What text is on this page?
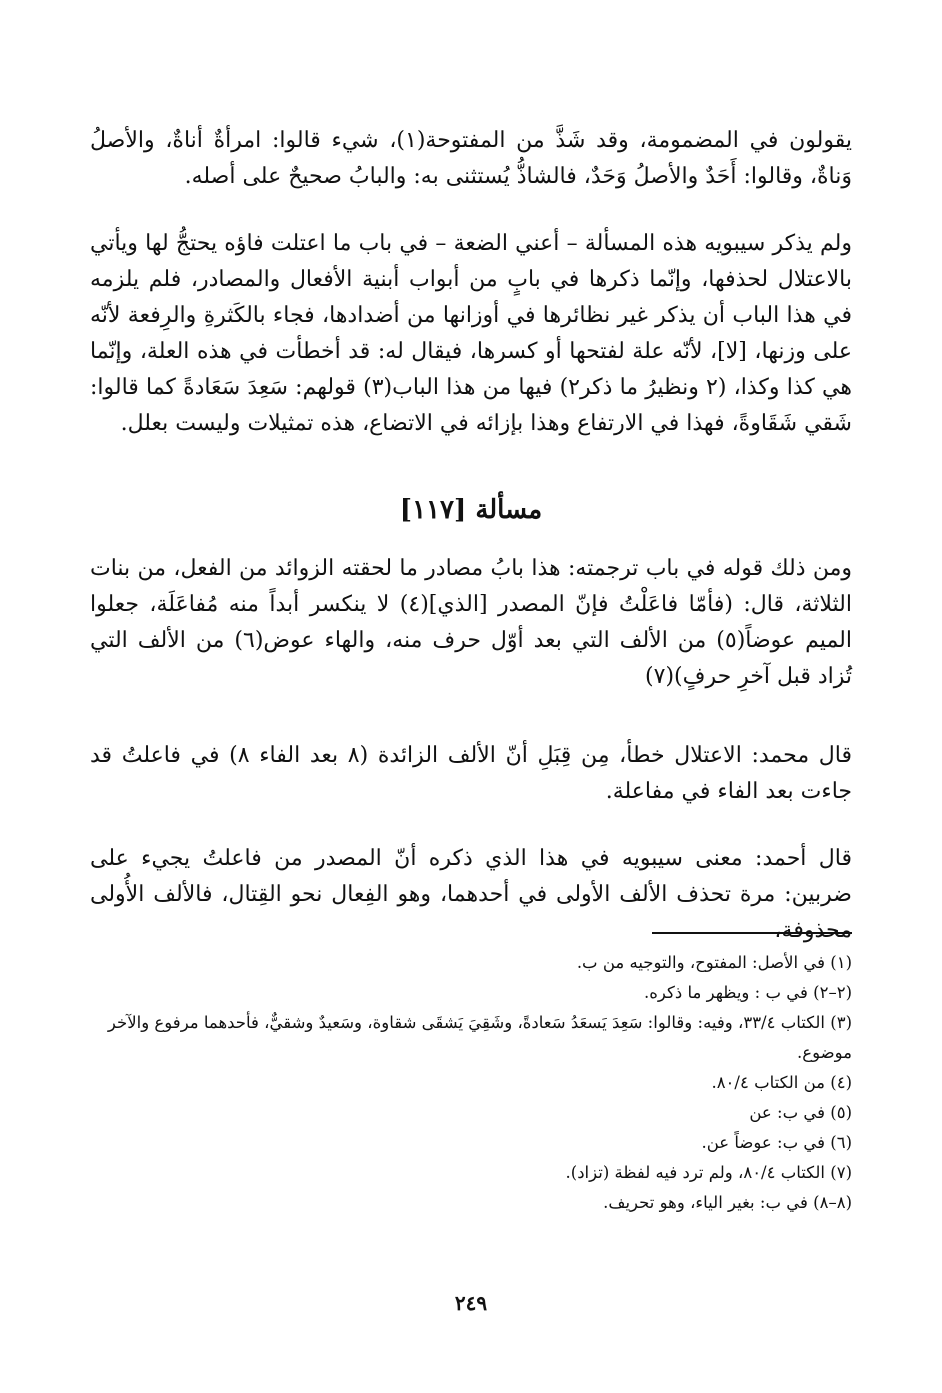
يقولون في المضمومة، وقد شَذَّ من المفتوحة(١)، شيء قالوا: امرأةٌ أناةٌ، والأصلُ وَناةٌ، وقالوا: أَحَدٌ والأصلُ وَحَدٌ، فالشاذُّ يُستثنى به: والبابُ صحيحٌ على أصله.

ولم يذكر سيبويه هذه المسألة – أعني الضعة – في باب ما اعتلت فاؤه يحتجُّ لها ويأتي بالاعتلال لحذفها، وإنّما ذكرها في بابٍ من أبواب أبنية الأفعال والمصادر، فلم يلزمه في هذا الباب أن يذكر غير نظائرها في أوزانها من أضدادها، فجاء بالكَثرةِ والرِفعة لأنّه على وزنها، [لا]، لأنّه علة لفتحها أو كسرها، فيقال له: قد أخطأت في هذه العلة، وإنّما هي كذا وكذا، (٢ ونظيرُ ما ذكر٢) فيها من هذا الباب(٣) قولهم: سَعِدَ سَعَادةً كما قالوا: شَقي شَقَاوةً، فهذا في الارتفاع وهذا بإزائه في الاتضاع، هذه تمثيلات وليست بعلل.

مسألة [١١٧]

ومن ذلك قوله في باب ترجمته: هذا بابُ مصادر ما لحقته الزوائد من الفعل، من بنات الثلاثة، قال: (فأمّا فاعَلْتُ فإنّ المصدر [الذي](٤) لا ينكسر أبداً منه مُفاعَلَة، جعلوا الميم عوضاً(٥) من الألف التي بعد أوّل حرف منه، والهاء عوض(٦) من الألف التي تُزاد قبل آخرِ حرفٍ)(٧)

قال محمد: الاعتلال خطأ، مِن قِبَلِ أنّ الألف الزائدة (٨ بعد الفاء ٨) في فاعلتُ قد جاءت بعد الفاء في مفاعلة.

قال أحمد: معنى سيبويه في هذا الذي ذكره أنّ المصدر من فاعلتُ يجيء على ضربين: مرة تحذف الألف الأولى في أحدهما، وهو الفِعال نحو القِتال، فالألف الأُولى محذوفة،

(١) في الأصل: المفتوح، والتوجيه من ب.
(٢–٢) في ب : ويظهر ما ذكره.
(٣) الكتاب ٣٣/٤، وفيه: وقالوا: سَعِدَ يَسعَدُ سَعادةً، وشَقِيَ يَشقَى شقاوة، وسَعيدٌ وشقيٌّ، فأحدهما مرفوع والآخر موضوع.
(٤) من الكتاب ٨٠/٤.
(٥) في ب: عن
(٦) في ب: عوضاً عن.
(٧) الكتاب ٨٠/٤، ولم ترد فيه لفظة (تزاد).
(٨–٨) في ب: بغير الياء، وهو تحريف.
٢٤٩
